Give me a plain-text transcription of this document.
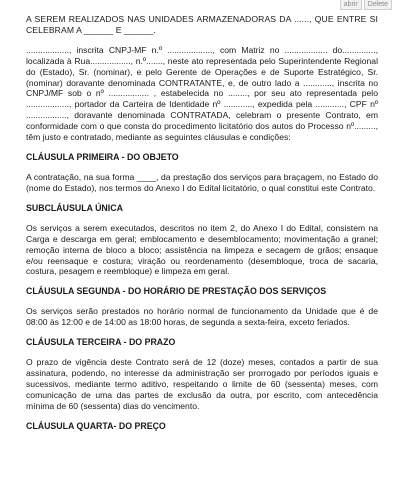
abrir	Delete

A SEREM REALIZADOS NAS UNIDADES ARMAZENADORAS DA ......, QUE ENTRE SI CELEBRAM A ______ E ______.

.................., inscrita CNPJ-MF n.º ..................., com Matriz no .................. do.............., localizada à Rua................., n.º......., neste ato representada pelo Superintendente Regional do (Estado), Sr. (nominar), e pelo Gerente de Operações e de Suporte Estratégico, Sr. (nominar) doravante denominada CONTRATANTE, e, de outro lado a ............, inscrita no CNPJ/MF sob o nº ................. , estabelecida no ........, por seu ato representada pelo .................., portador da Carteira de Identidade nº ............, expedida pela ............, CPF nº ................., doravante denominada CONTRATADA, celebram o presente Contrato, em conformidade com o que consta do procedimento licitatório dos autos do Processo nº........., têm justo e contratado, mediante as seguintes cláusulas e condições:

CLÁUSULA PRIMEIRA - DO OBJETO

A contratação, na sua forma ____, da prestação dos serviços para braçagem, no Estado do (nome do Estado), nos termos do Anexo I do Edital licitatório, o qual constitui este Contrato.

SUBCLÁUSULA ÚNICA

Os serviços a serem executados, descritos no item 2, do Anexo I do Edital, consistem na Carga e descarga em geral; emblocamento e desemblocamento; movimentação a granel; remoção interna de bloco a bloco; assistência na limpeza e secagem de grãos; ensaque e/ou reensaque e costura; viração ou reordenamento (desembloque, troca de sacaria, costura, pesagem e reembloque) e limpeza em geral.

CLÁUSULA SEGUNDA - DO HORÁRIO DE PRESTAÇÃO DOS SERVIÇOS

Os serviços serão prestados no horário normal de funcionamento da Unidade que é de 08:00 às 12:00 e de 14:00 as 18:00 horas, de segunda a sexta-feira, exceto feriados.

CLÁUSULA TERCEIRA - DO PRAZO

O prazo de vigência deste Contrato será de 12 (doze) meses, contados a partir de sua assinatura, podendo, no interesse da administração ser prorrogado por períodos iguais e sucessivos, mediante termo aditivo, respeitando o limite de 60 (sessenta) meses, com comunicação de uma das partes de exclusão da outra, por escrito, com antecedência mínima de 60 (sessenta) dias do vencimento.

CLÁUSULA QUARTA- DO PREÇO
